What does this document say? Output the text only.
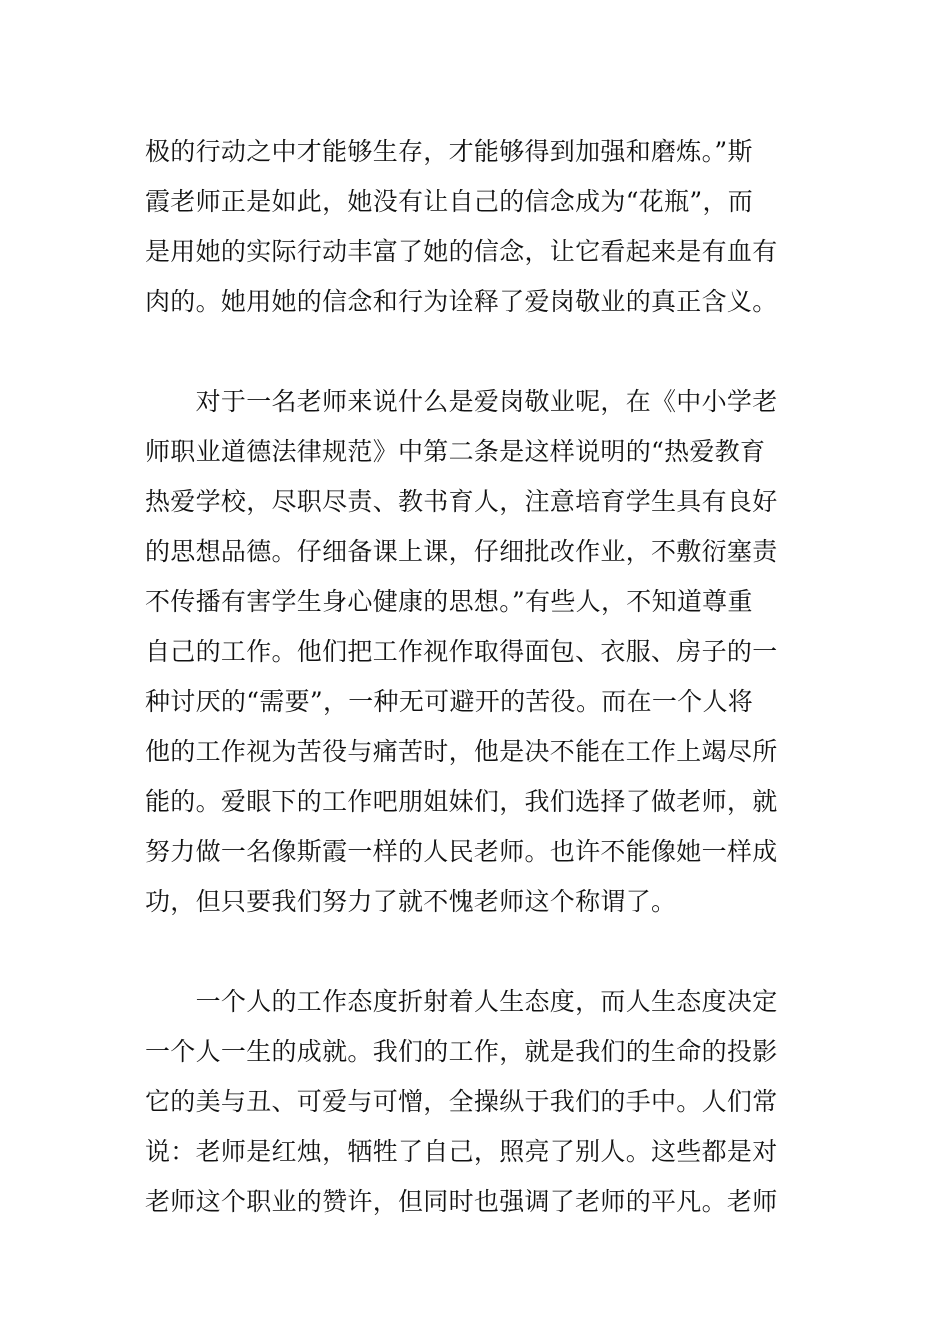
极的行动之中才能够生存，才能够得到加强和磨炼。”斯
霞老师正是如此，她没有让自己的信念成为“花瓶”，而
是用她的实际行动丰富了她的信念，让它看起来是有血有
肉的。她用她的信念和行为诠释了爱岗敬业的真正含义。
　　对于一名老师来说什么是爱岗敬业呢，在《中小学老
师职业道德法律规范》中第二条是这样说明的“热爱教育
热爱学校，尽职尽责、教书育人，注意培育学生具有良好
的思想品德。仔细备课上课，仔细批改作业，不敷衍塞责
不传播有害学生身心健康的思想。”有些人，不知道尊重
自己的工作。他们把工作视作取得面包、衣服、房子的一
种讨厌的“需要”，一种无可避开的苦役。而在一个人将
他的工作视为苦役与痛苦时，他是决不能在工作上竭尽所
能的。爱眼下的工作吧朋姐妹们，我们选择了做老师，就
努力做一名像斯霞一样的人民老师。也许不能像她一样成
功，但只要我们努力了就不愧老师这个称谓了。
　　一个人的工作态度折射着人生态度，而人生态度决定
一个人一生的成就。我们的工作，就是我们的生命的投影
它的美与丑、可爱与可憎，全操纵于我们的手中。人们常
说：老师是红烛，牺牲了自己，照亮了别人。这些都是对
老师这个职业的赞许，但同时也强调了老师的平凡。老师
